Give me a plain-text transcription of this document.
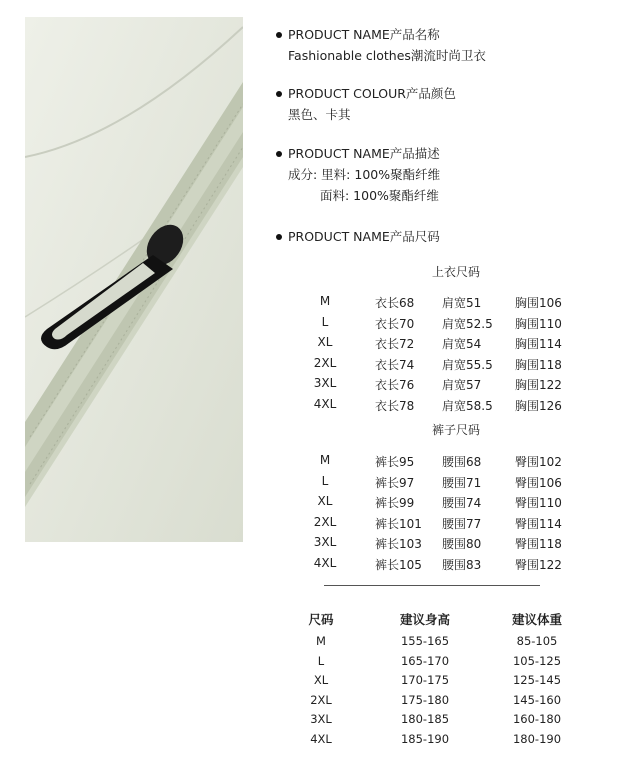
PRODUCT NAME产品名称
Fashionable clothes潮流时尚卫衣
PRODUCT COLOUR产品颜色
黑色、卡其
PRODUCT NAME产品描述
成分: 里料: 100%聚酯纤维
面料: 100%聚酯纤维
PRODUCT NAME产品尺码
上衣尺码
M	衣长68 肩宽51	胸围106
L	衣长70 肩宽52.5 胸围110
XL	衣长72 肩宽54	胸围114
2XL	衣长74 肩宽55.5 胸围118
3XL	衣长76 肩宽57	胸围122
4XL	衣长78 肩宽58.5 胸围126
裤子尺码
M	裤长95 腰围68	臀围102
L	裤长97 腰围71	臀围106
XL	裤长99 腰围74	臀围110
2XL	裤长101 腰围77	臀围114
3XL	裤长103 腰围80	臀围118
4XL	裤长105 腰围83	臀围122
尺码	建议身高	建议体重
M	155-165	85-105
L	165-170	105-125
XL	170-175	125-145
2XL	175-180	145-160
3XL	180-185	160-180
4XL	185-190	180-190
